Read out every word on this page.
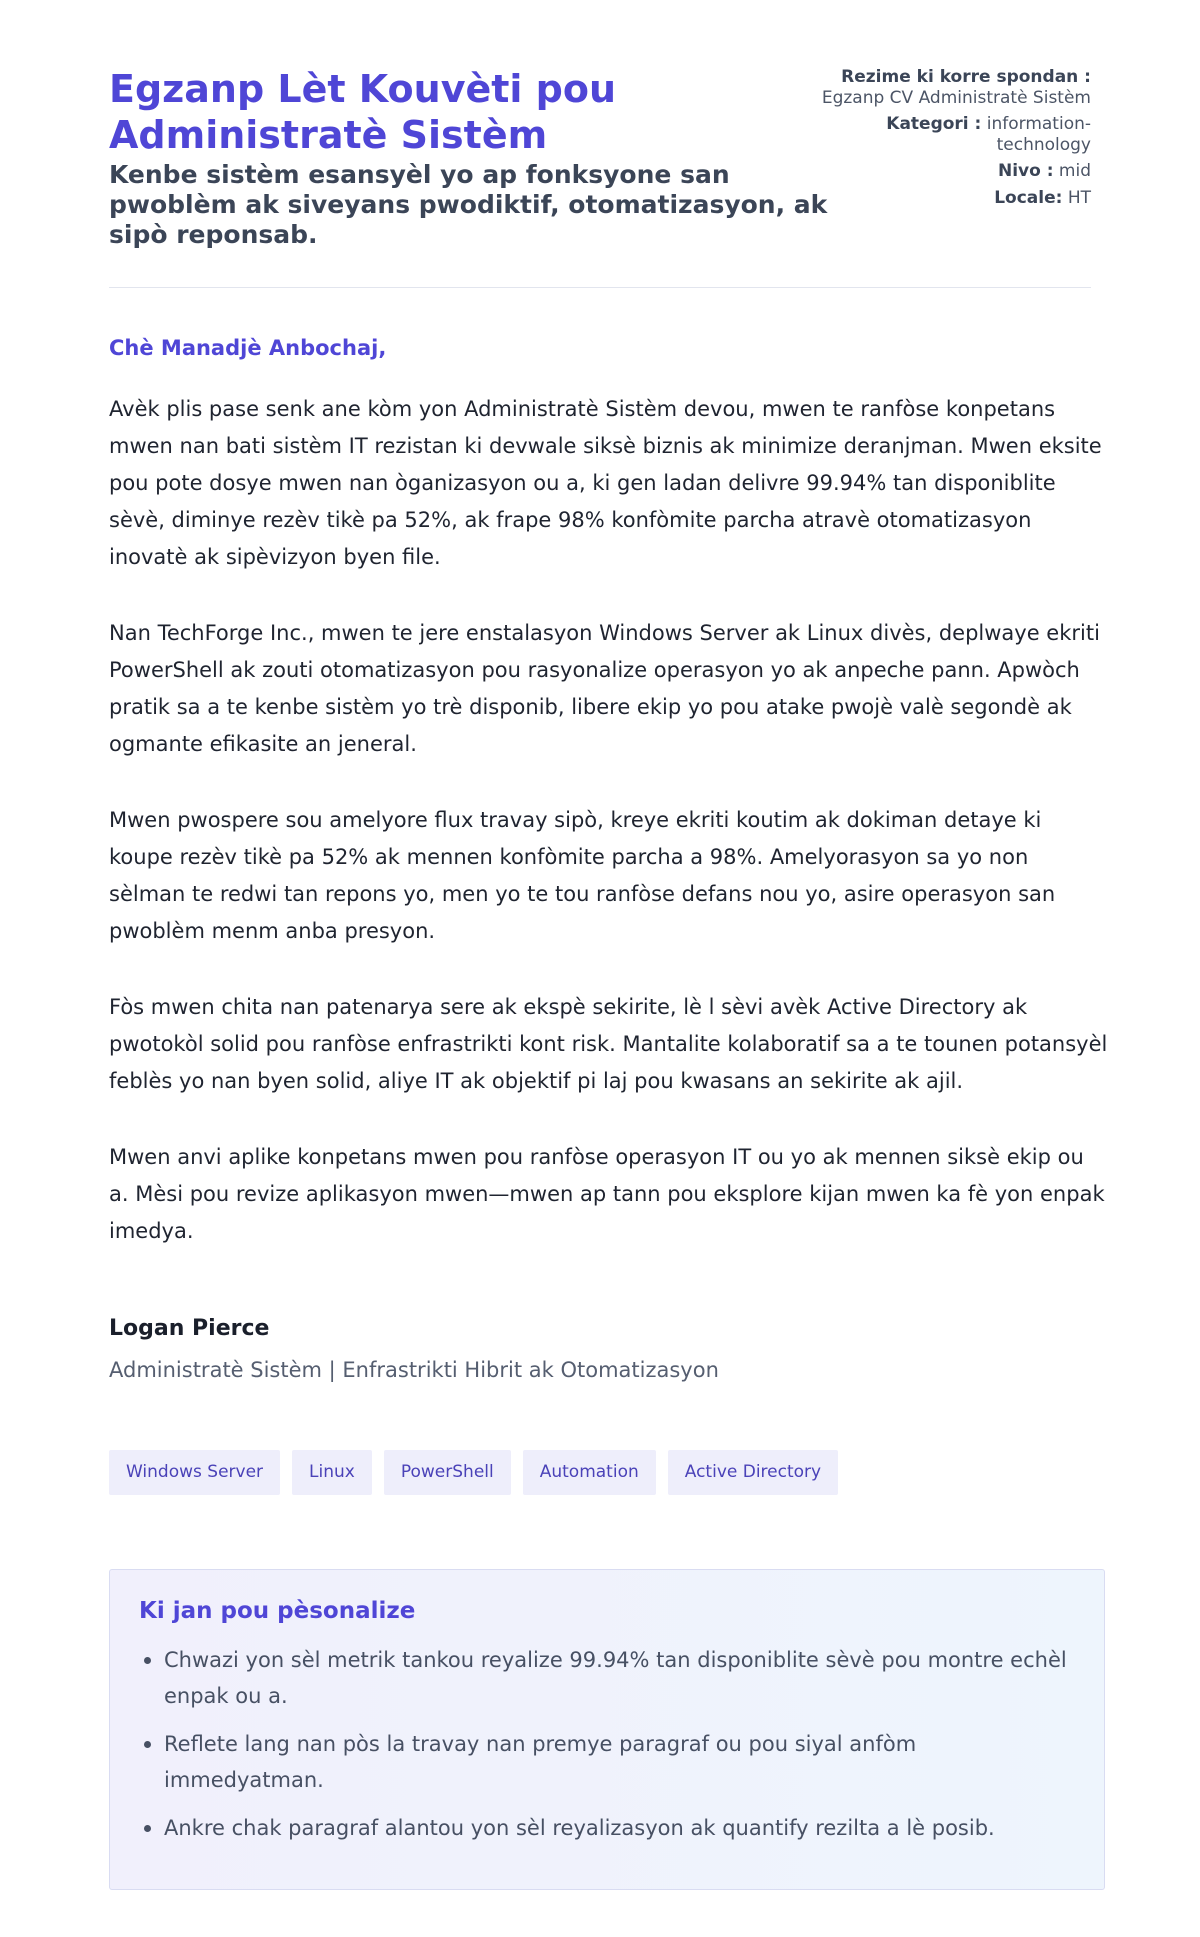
Egzanp Lèt Kouvèti pou Administratè Sistèm
Kenbe sistèm esansyèl yo ap fonksyone san pwoblèm ak siveyans pwodiktif, otomatizasyon, ak sipò reponsab.
Rezime ki korre spondan : Egzanp CV Administratè Sistèm
Kategori : information-technology
Nivo : mid
Locale: HT
Chè Manadjè Anbochaj,

Avèk plis pase senk ane kòm yon Administratè Sistèm devou, mwen te ranfòse konpetans mwen nan bati sistèm IT rezistan ki devwale siksè biznis ak minimize deranjman. Mwen eksite pou pote dosye mwen nan òganizasyon ou a, ki gen ladan delivre 99.94% tan disponiblite sèvè, diminye rezèv tikè pa 52%, ak frape 98% konfòmite parcha atravè otomatizasyon inovatè ak sipèvizyon byen file.

Nan TechForge Inc., mwen te jere enstalasyon Windows Server ak Linux divès, deplwaye ekriti PowerShell ak zouti otomatizasyon pou rasyonalize operasyon yo ak anpeche pann. Apwòch pratik sa a te kenbe sistèm yo trè disponib, libere ekip yo pou atake pwojè valè segondè ak ogmante efikasite an jeneral.

Mwen pwospere sou amelyore flux travay sipò, kreye ekriti koutim ak dokiman detaye ki koupe rezèv tikè pa 52% ak mennen konfòmite parcha a 98%. Amelyorasyon sa yo non sèlman te redwi tan repons yo, men yo te tou ranfòse defans nou yo, asire operasyon san pwoblèm menm anba presyon.

Fòs mwen chita nan patenarya sere ak ekspè sekirite, lè l sèvi avèk Active Directory ak pwotokòl solid pou ranfòse enfrastrikti kont risk. Mantalite kolaboratif sa a te tounen potansyèl feblès yo nan byen solid, aliye IT ak objektif pi laj pou kwasans an sekirite ak ajil.

Mwen anvi aplike konpetans mwen pou ranfòse operasyon IT ou yo ak mennen siksè ekip ou a. Mèsi pou revize aplikasyon mwen—mwen ap tann pou eksplore kijan mwen ka fè yon enpak imedya.

Logan Pierce
Administratè Sistèm | Enfrastrikti Hibrit ak Otomatizasyon
Windows Server	Linux	PowerShell	Automation	Active Directory
Ki jan pou pèsonalize
Chwazi yon sèl metrik tankou reyalize 99.94% tan disponiblite sèvè pou montre echèl enpak ou a.
Reflete lang nan pòs la travay nan premye paragraf ou pou siyal anfòm immedyatman.
Ankre chak paragraf alantou yon sèl reyalizasyon ak quantify rezilta a lè posib.
